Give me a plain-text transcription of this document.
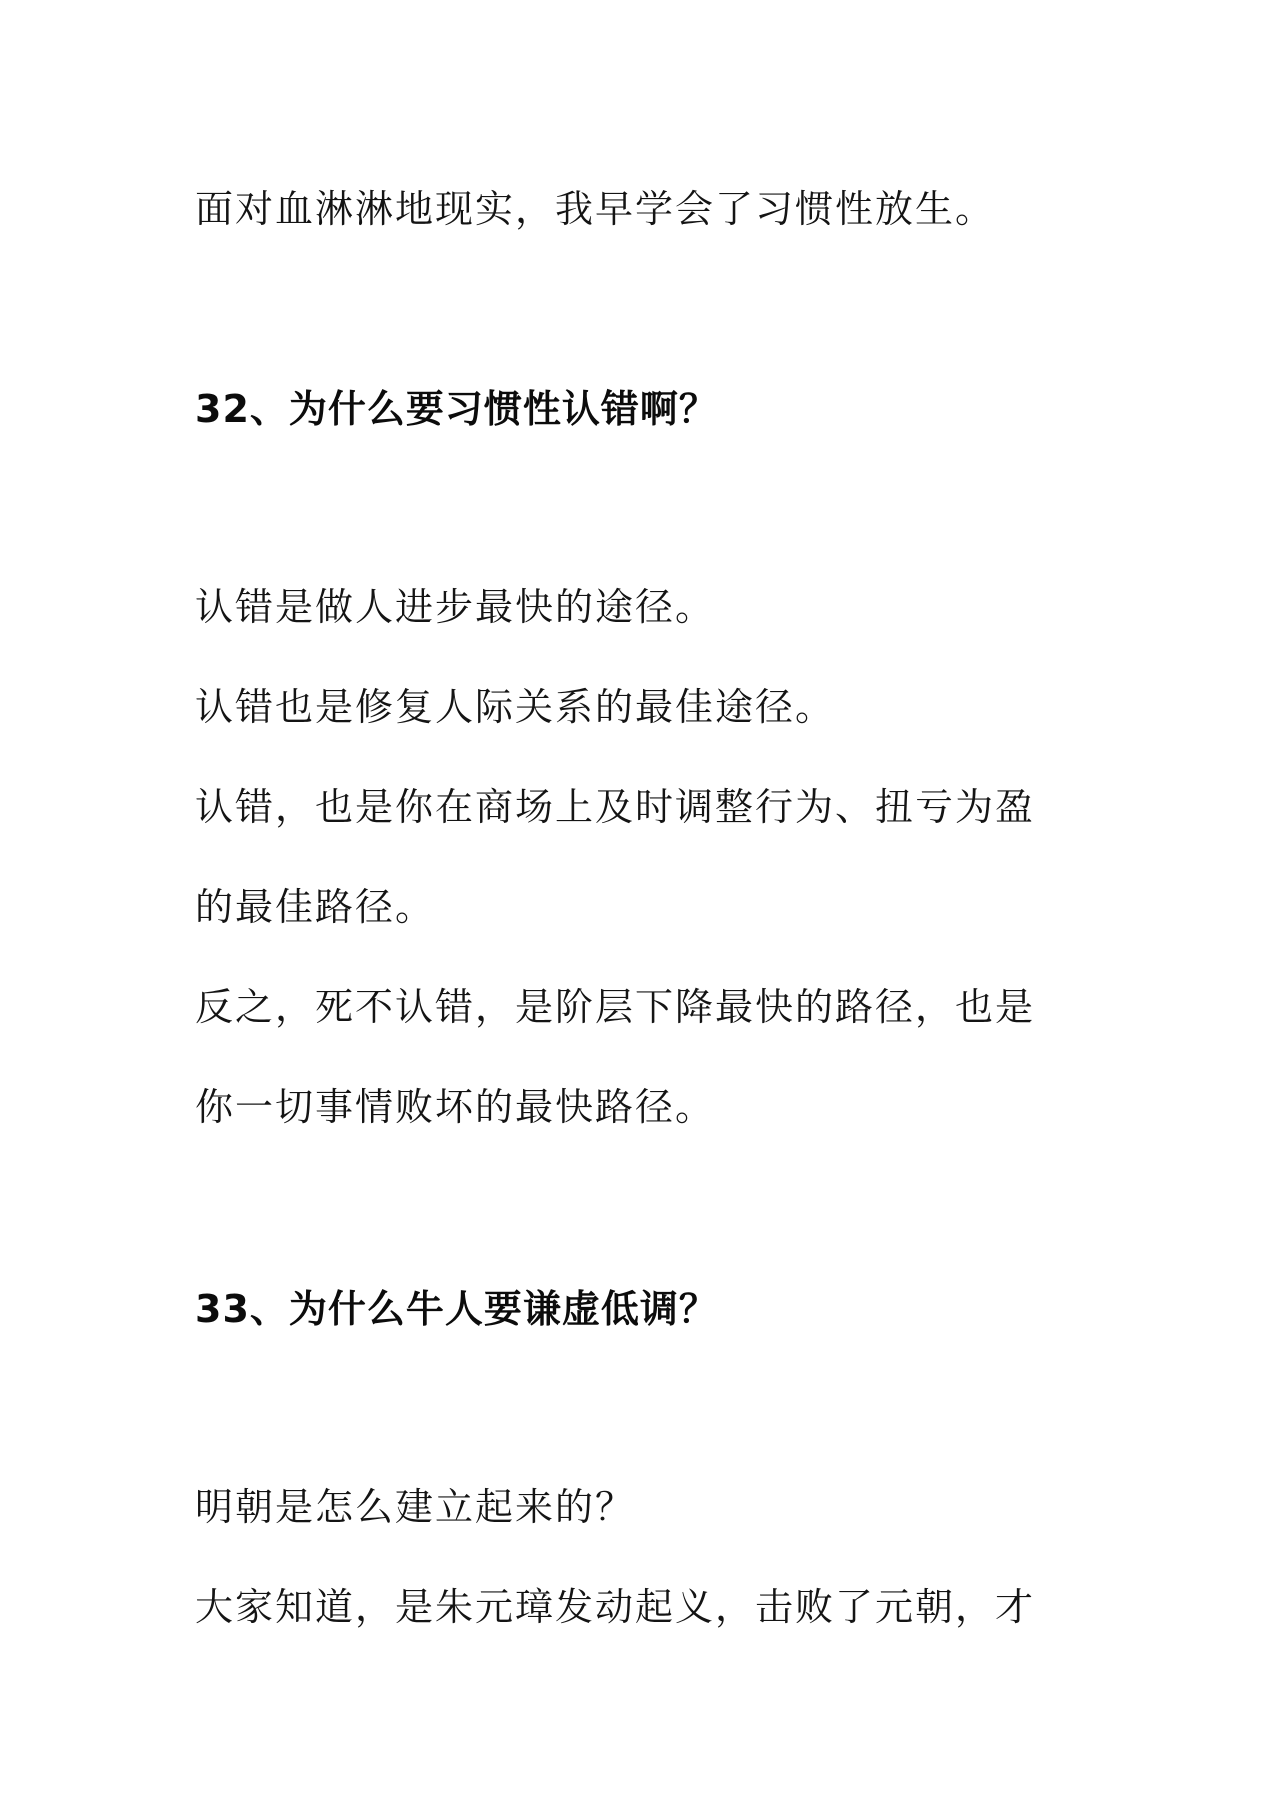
面对血淋淋地现实，我早学会了习惯性放生。
32、为什么要习惯性认错啊？
认错是做人进步最快的途径。
认错也是修复人际关系的最佳途径。
认错，也是你在商场上及时调整行为、扭亏为盈
的最佳路径。
反之，死不认错，是阶层下降最快的路径，也是
你一切事情败坏的最快路径。
33、为什么牛人要谦虚低调？
明朝是怎么建立起来的？
大家知道，是朱元璋发动起义，击败了元朝，才
